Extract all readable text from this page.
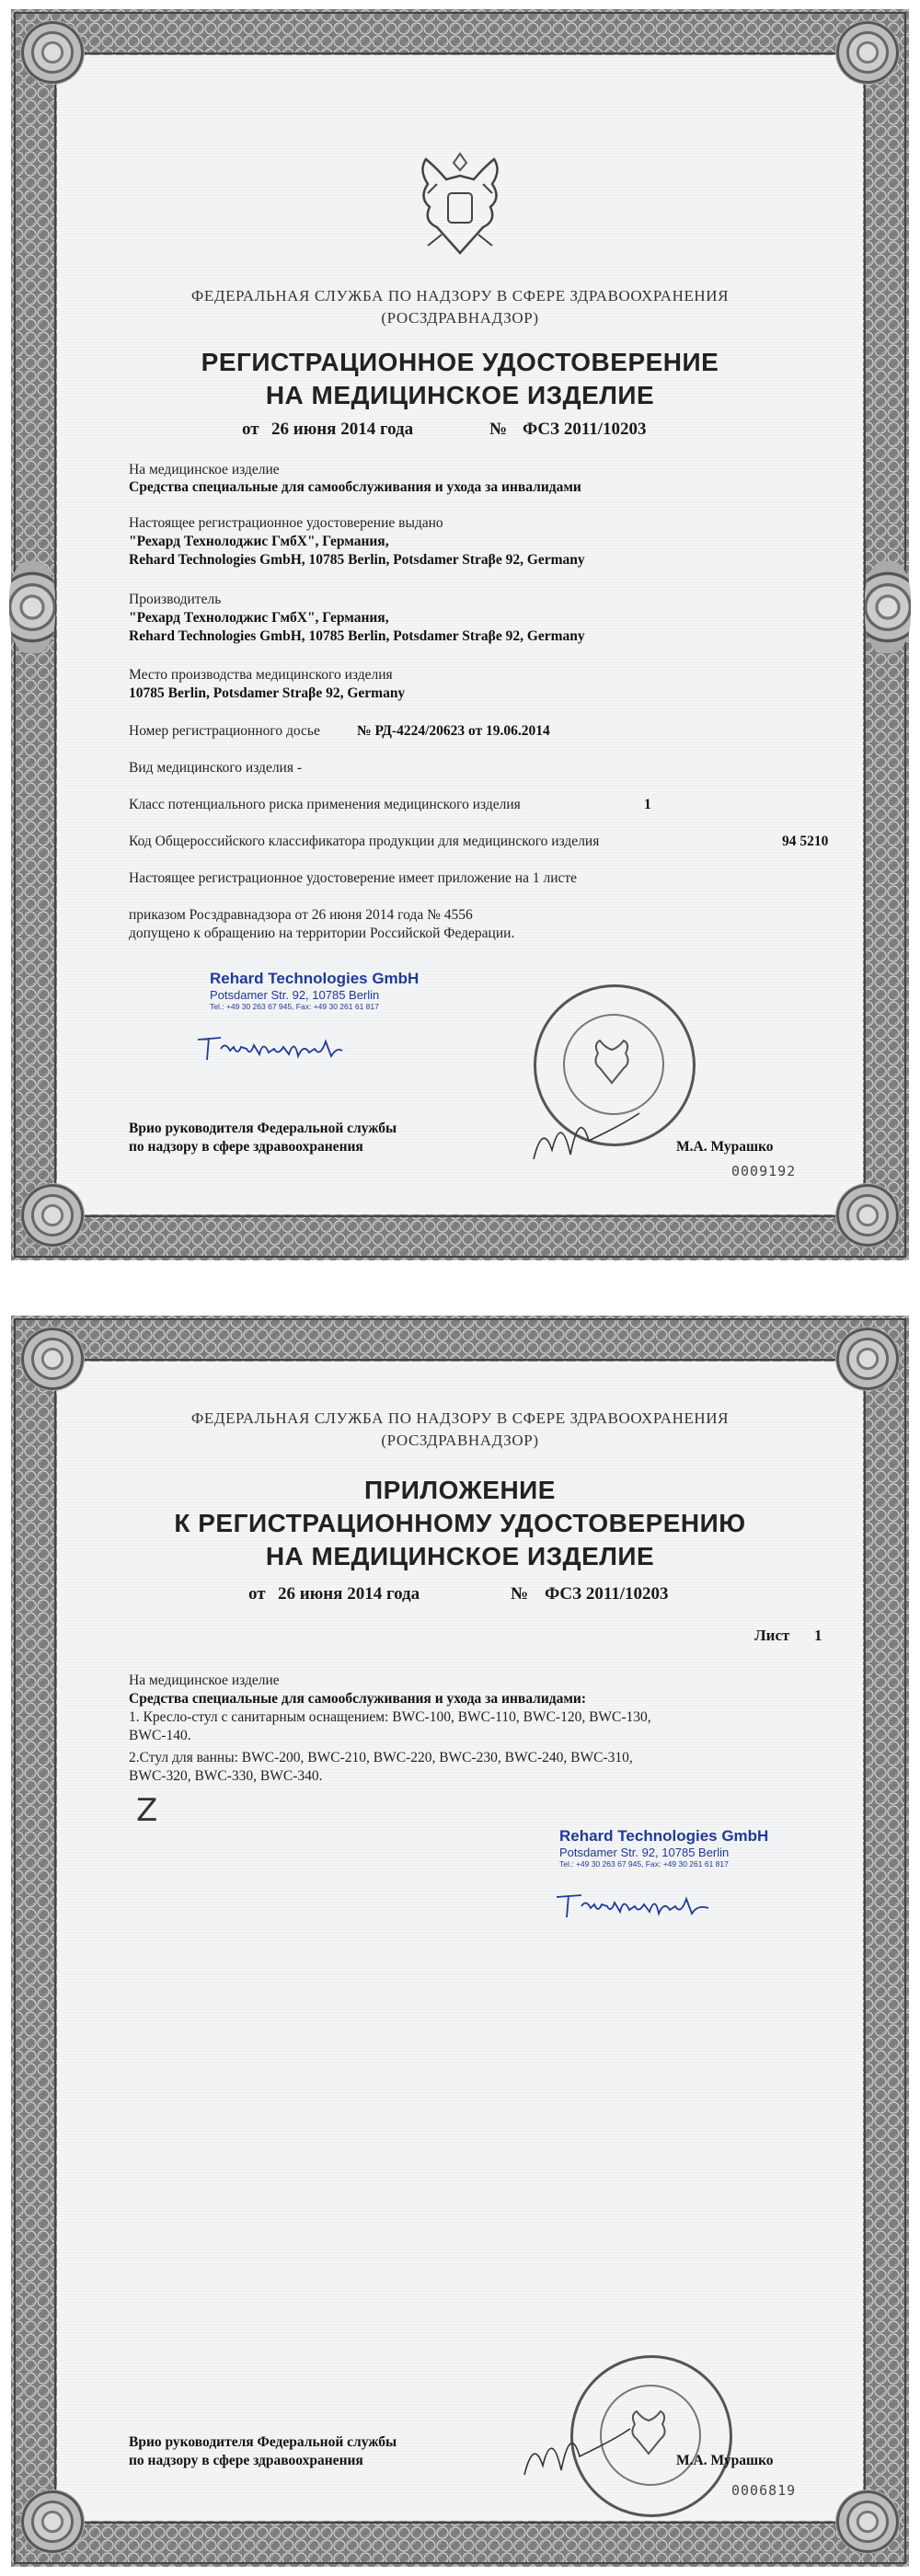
ФЕДЕРАЛЬНАЯ СЛУЖБА ПО НАДЗОРУ В СФЕРЕ ЗДРАВООХРАНЕНИЯ
(РОСЗДРАВНАДЗОР)
РЕГИСТРАЦИОННОЕ УДОСТОВЕРЕНИЕ
НА МЕДИЦИНСКОЕ ИЗДЕЛИЕ
от 26 июня 2014 года	№ ФСЗ 2011/10203
На медицинское изделие
Средства специальные для самообслуживания и ухода за инвалидами
Настоящее регистрационное удостоверение выдано
"Рехард Технолоджис ГмбХ", Германия,
Rehard Technologies GmbH, 10785 Berlin, Potsdamer Straβe 92, Germany
Производитель
"Рехард Технолоджис ГмбХ", Германия,
Rehard Technologies GmbH, 10785 Berlin, Potsdamer Straβe 92, Germany
Место производства медицинского изделия
10785 Berlin, Potsdamer Straβe 92, Germany
Номер регистрационного досье	№ РД-4224/20623 от 19.06.2014
Вид медицинского изделия -
Класс потенциального риска применения медицинского изделия	1
Код Общероссийского классификатора продукции для медицинского изделия	94 5210
Настоящее регистрационное удостоверение имеет приложение на 1 листе
приказом Росздравнадзора от 26 июня 2014 года № 4556
допущено к обращению на территории Российской Федерации.
Rehard Technologies GmbH
Potsdamer Str. 92, 10785 Berlin
Tel.: +49 30 263 67 945, Fax: +49 30 261 61 817
Врио руководителя Федеральной службы
по надзору в сфере здравоохранения	М.А. Мурашко
0009192
ФЕДЕРАЛЬНАЯ СЛУЖБА ПО НАДЗОРУ В СФЕРЕ ЗДРАВООХРАНЕНИЯ
(РОСЗДРАВНАДЗОР)
ПРИЛОЖЕНИЕ
К РЕГИСТРАЦИОННОМУ УДОСТОВЕРЕНИЮ
НА МЕДИЦИНСКОЕ ИЗДЕЛИЕ
от 26 июня 2014 года	№ ФСЗ 2011/10203
Лист 1
На медицинское изделие
Средства специальные для самообслуживания и ухода за инвалидами:
1. Кресло-стул с санитарным оснащением: BWC-100, BWC-110, BWC-120, BWC-130,
BWC-140.
2.Стул для ванны: BWC-200, BWC-210, BWC-220, BWC-230, BWC-240, BWC-310,
BWC-320, BWC-330, BWC-340.
Z
Rehard Technologies GmbH
Potsdamer Str. 92, 10785 Berlin
Tel.: +49 30 263 67 945, Fax: +49 30 261 61 817
Врио руководителя Федеральной службы
по надзору в сфере здравоохранения	М.А. Мурашко
0006819
